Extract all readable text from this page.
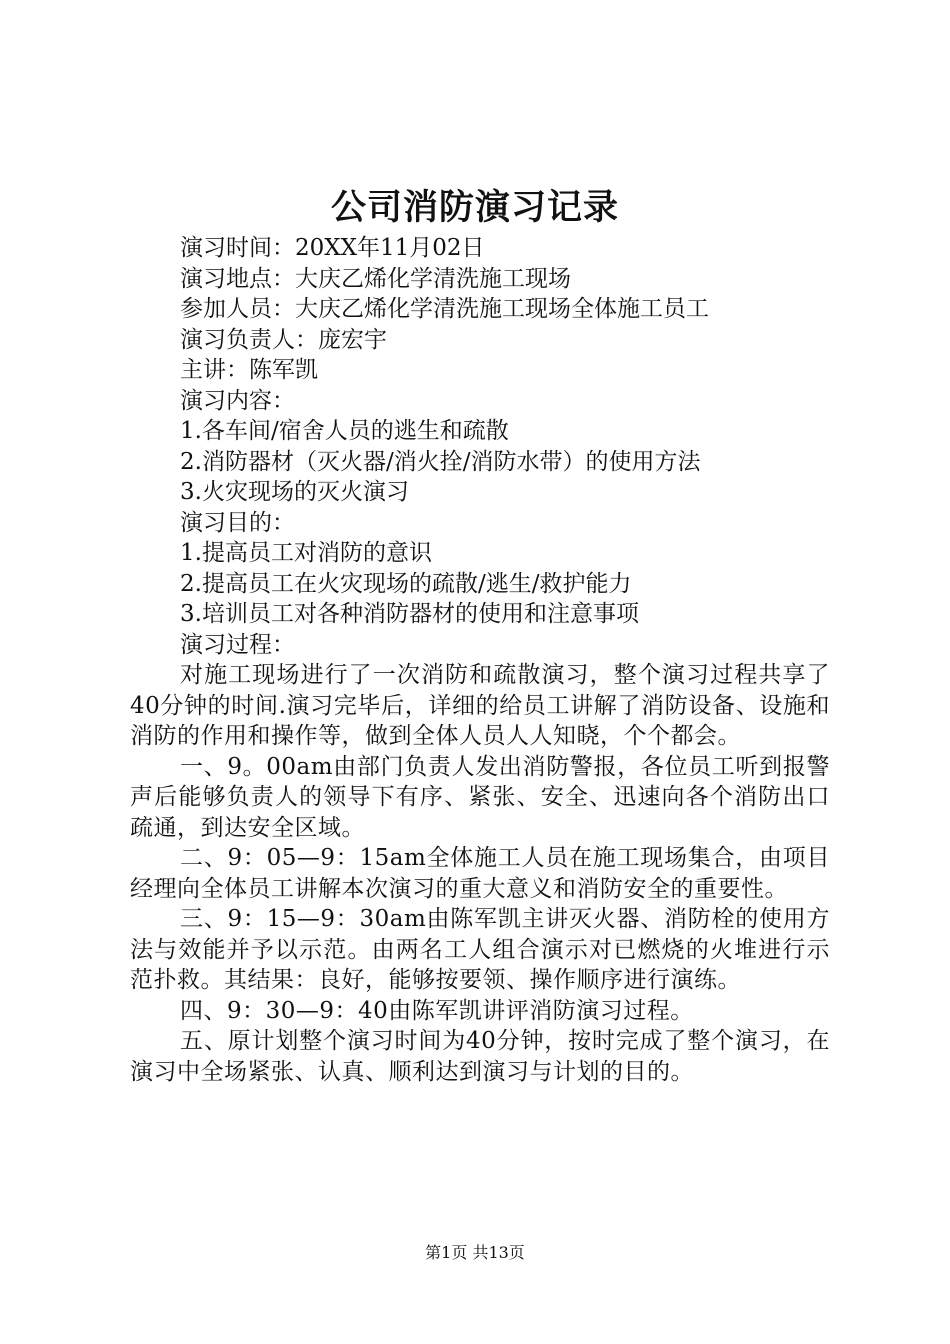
公司消防演习记录

演习时间：20XX年11月02日

演习地点：大庆乙烯化学清洗施工现场

参加人员：大庆乙烯化学清洗施工现场全体施工员工

演习负责人：庞宏宇

主讲：陈军凯

演习内容：

1.各车间/宿舍人员的逃生和疏散

2.消防器材（灭火器/消火拴/消防水带）的使用方法

3.火灾现场的灭火演习

演习目的：

1.提高员工对消防的意识

2.提高员工在火灾现场的疏散/逃生/救护能力

3.培训员工对各种消防器材的使用和注意事项

演习过程：

对施工现场进行了一次消防和疏散演习，整个演习过程共享了40分钟的时间.演习完毕后，详细的给员工讲解了消防设备、设施和消防的作用和操作等，做到全体人员人人知晓，个个都会。

一、9。00am由部门负责人发出消防警报，各位员工听到报警声后能够负责人的领导下有序、紧张、安全、迅速向各个消防出口疏通，到达安全区域。

二、9：05—9：15am全体施工人员在施工现场集合，由项目经理向全体员工讲解本次演习的重大意义和消防安全的重要性。

三、9：15—9：30am由陈军凯主讲灭火器、消防栓的使用方法与效能并予以示范。由两名工人组合演示对已燃烧的火堆进行示范扑救。其结果：良好，能够按要领、操作顺序进行演练。

四、9：30—9：40由陈军凯讲评消防演习过程。

五、原计划整个演习时间为40分钟，按时完成了整个演习，在演习中全场紧张、认真、顺利达到演习与计划的目的。

第1页 共13页
